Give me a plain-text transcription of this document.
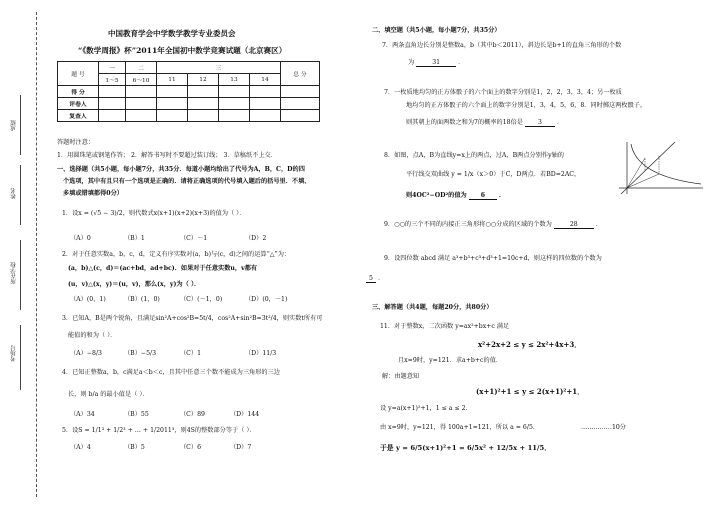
成绩
姓名
所在学校
考场号
中国教育学会中学数学教学专业委员会
“《数学周报》杯”2011年全国初中数学竞赛试题（北京赛区）
题 号	一	二	三				总 分
	1～5	6～10	11	12	13	14	
得 分							
评卷人							
复查人							
答题时注意：
1．用圆珠笔或钢笔作答； 2．解答书写时不要超过装订线； 3．草稿纸不上交．
一、选择题（共5小题，每小题7分，共35分．每道小题均给出了代号为A，B，C，D的四
个选项，其中有且只有一个选项是正确的．请将正确选项的代号填入题后的括号里．不填、
多填或错填都得0分）
1．设x = (√5 − 3)/2，则代数式x(x+1)(x+2)(x+3)的值为（ ）．
（A）0	（B）1	（C）－1	（D）2
2．对于任意实数a，b，c，d，定义有序实数对(a，b)与(c，d)之间的运算“△”为：
(a，b)△(c，d)＝(ac+bd，ad+bc)．如果对于任意实数u，v都有
(u，v)△(x，y)＝(u，v)，那么(x，y)为（ ）．
（A）(0，1)	（B）(1，0)	（C）(－1，0)	（D）(0，－1)
3．已知A，B是两个锐角，且满足sin²A+cos²B=5t/4，cos²A+sin²B=3t²/4，则实数t所有可
能值的和为（ ）．
（A）−8/3	（B）−5/3	（C）1	（D）11/3
4．已知正整数a，b，c满足a＜b＜c，且其中任意三个数不能成为三角形的三边
长，则 b/a 的最小值是（ ）．
（A）34	（B）55	（C）89	（D）144
5．设S = 1/1³ + 1/2³ + … + 1/2011³，则4S的整数部分等于（ ）．
（A）4	（B）5	（C）6	（D）7
二、填空题（共5小题，每小题7分，共35分）
7．两条直角边长分别是整数a，b（其中b＜2011），斜边长是b+1的直角三角形的个数
为	31	．
7．一枚质地均匀的正方体骰子的六个面上的数字分别是1，2，2，3，3，4；另一枚质
地均匀的正方体骰子的六个面上的数字分别是1，3，4，5，6，8．同时掷这两枚骰子，
则其朝上的面两数之和为7的概率的18倍是 3 ．
8．如图，点A，B为直线y=x上的两点，过A，B两点分别作y轴的
平行线交双曲线 y = 1/x（x＞0）于C，D两点．若BD=2AC，
则4OC²−OD²的值为 6 ．
9．○○的三个不同的内接正三角形将○○分成的区域的个数为	28	．
9．设四位数 abcd 满足 a³+b³+c³+d³+1=10c+d，则这样的四位数的个数为
5 ．
三、解答题（共4题，每题20分，共80分）
11．对于整数x，二次函数 y=ax²+bx+c 满足
x²+2x+2 ≤ y ≤ 2x²+4x+3．
且x=9时，y=121．求a+b+c的值．
解：由题意知
(x+1)²+1 ≤ y ≤ 2(x+1)²+1．
设 y=a(x+1)²+1，1 ≤ a ≤ 2．
由 x=9时，y=121，得 100a+1=121，所以 a = 6/5．	……………10分
于是 y = 6/5(x+1)²+1 = 6/5x² + 12/5x + 11/5．
